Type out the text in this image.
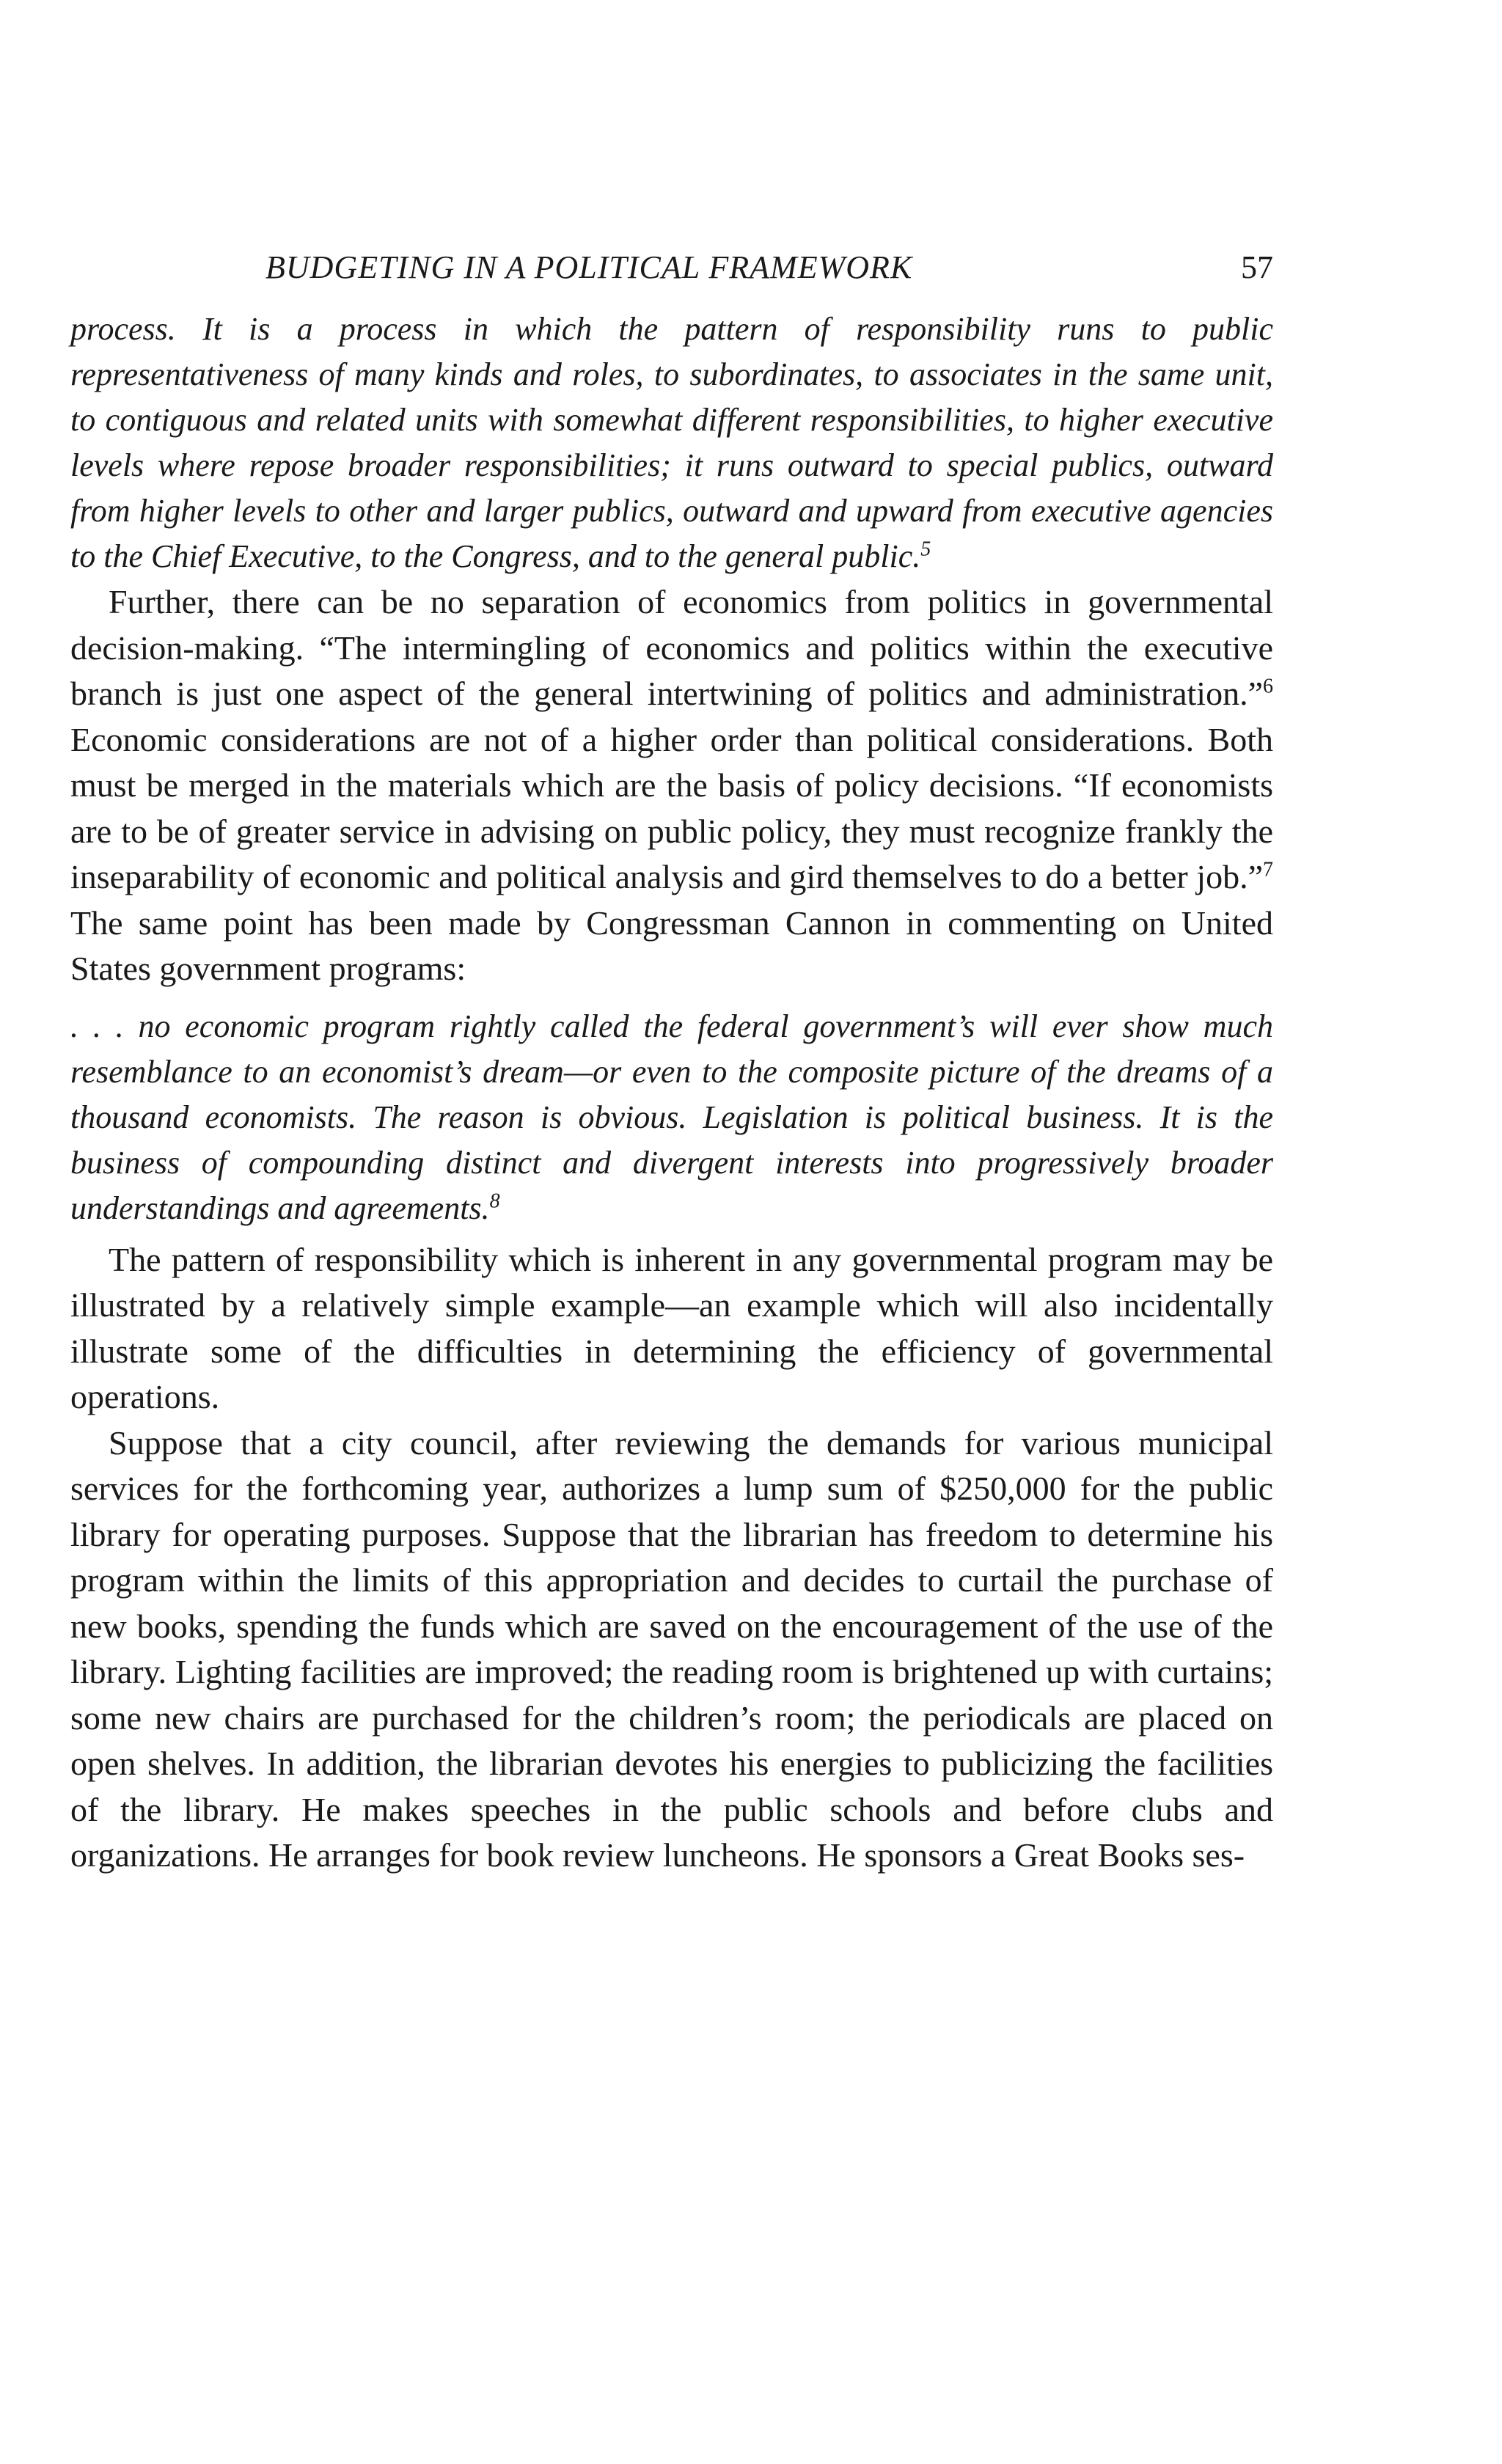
BUDGETING IN A POLITICAL FRAMEWORK	57

process. It is a process in which the pattern of responsibility runs to public representativeness of many kinds and roles, to subordinates, to associates in the same unit, to contiguous and related units with somewhat different responsibilities, to higher executive levels where repose broader responsibilities; it runs outward to special publics, outward from higher levels to other and larger publics, outward and upward from executive agencies to the Chief Executive, to the Congress, and to the general public.$^5$

Further, there can be no separation of economics from politics in governmental decision-making. “The intermingling of economics and politics within the executive branch is just one aspect of the general intertwining of politics and administration.”$^6$ Economic considerations are not of a higher order than political considerations. Both must be merged in the materials which are the basis of policy decisions. “If economists are to be of greater service in advising on public policy, they must recognize frankly the inseparability of economic and political analysis and gird themselves to do a better job.”$^7$ The same point has been made by Congressman Cannon in commenting on United States government programs:

. . . no economic program rightly called the federal government’s will ever show much resemblance to an economist’s dream—or even to the composite picture of the dreams of a thousand economists. The reason is obvious. Legislation is political business. It is the business of compounding distinct and divergent interests into progressively broader understandings and agreements.$^8$

The pattern of responsibility which is inherent in any governmental program may be illustrated by a relatively simple example—an example which will also incidentally illustrate some of the difficulties in determining the efficiency of governmental operations.

Suppose that a city council, after reviewing the demands for various municipal services for the forthcoming year, authorizes a lump sum of $250,000 for the public library for operating purposes. Suppose that the librarian has freedom to determine his program within the limits of this appropriation and decides to curtail the purchase of new books, spending the funds which are saved on the encouragement of the use of the library. Lighting facilities are improved; the reading room is brightened up with curtains; some new chairs are purchased for the children’s room; the periodicals are placed on open shelves. In addition, the librarian devotes his energies to publicizing the facilities of the library. He makes speeches in the public schools and before clubs and organizations. He arranges for book review luncheons. He sponsors a Great Books ses-
